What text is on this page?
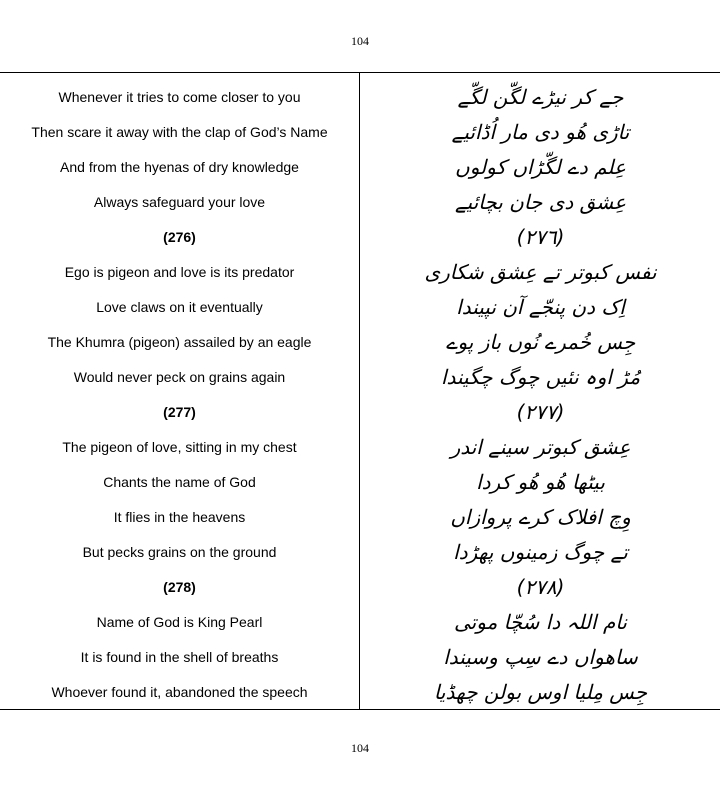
104
Whenever it tries to come closer to you
Then scare it away with the clap of God’s Name
And from the hyenas of dry knowledge
Always safeguard your love
(276)
Ego is pigeon and love is its predator
Love claws on it eventually
The Khumra (pigeon) assailed by an eagle
Would never peck on grains again
(277)
The pigeon of love, sitting in my chest
Chants the name of God
It flies in the heavens
But pecks grains on the ground
(278)
Name of God is King Pearl
It is found in the shell of breaths
Whoever found it, abandoned the speech
جے کر نیڑے لگّن لگّے
تاڑی ھُو دی مار اُڈائیے
عِلم دے لگّڑاں کولوں
عِشق دی جان بچائیے
(٢٧٦)
نفس کبوتر تے عِشق شکاری
اِک دن پنجّے آن نپیندا
جِس خُمرے نُوں باز پوے
مُڑ اوہ نئیں چوگ چگیندا
(٢٧٧)
عِشق کبوتر سینے اندر
بیٹھا ھُو ھُو کردا
وِچ افلاک کرے پروازاں
تے چوگ زمینوں پھڑدا
(٢٧٨)
نام اللہ دا سُچّا موتی
ساھواں دے سِپ وسیندا
جِس مِلیا اوس بولن چھڈیا
104
